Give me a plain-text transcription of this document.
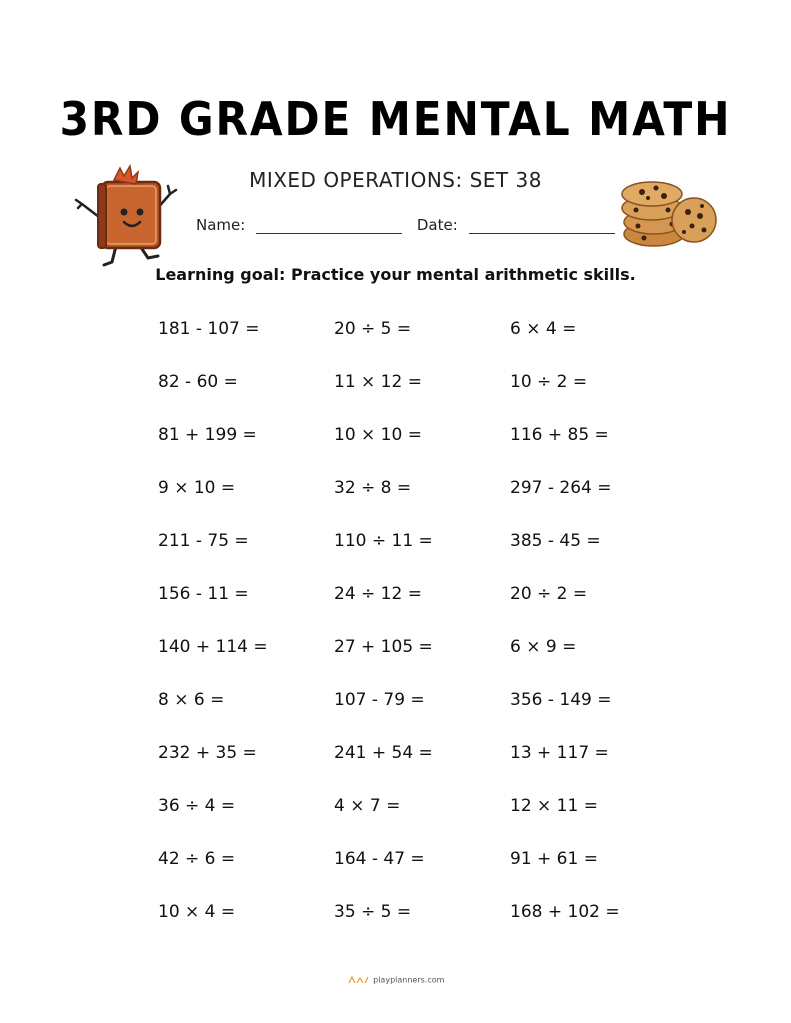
3RD GRADE MENTAL MATH
MIXED OPERATIONS: SET 38
Name:	Date:
Learning goal: Practice your mental arithmetic skills.
181 - 107 =	20 ÷ 5 =	6 × 4 =
82 - 60 =	11 × 12 =	10 ÷ 2 =
81 + 199 =	10 × 10 =	116 + 85 =
9 × 10 =	32 ÷ 8 =	297 - 264 =
211 - 75 =	110 ÷ 11 =	385 - 45 =
156 - 11 =	24 ÷ 12 =	20 ÷ 2 =
140 + 114 =	27 + 105 =	6 × 9 =
8 × 6 =	107 - 79 =	356 - 149 =
232 + 35 =	241 + 54 =	13 + 117 =
36 ÷ 4 =	4 × 7 =	12 × 11 =
42 ÷ 6 =	164 - 47 =	91 + 61 =
10 × 4 =	35 ÷ 5 =	168 + 102 =
playplanners.com
